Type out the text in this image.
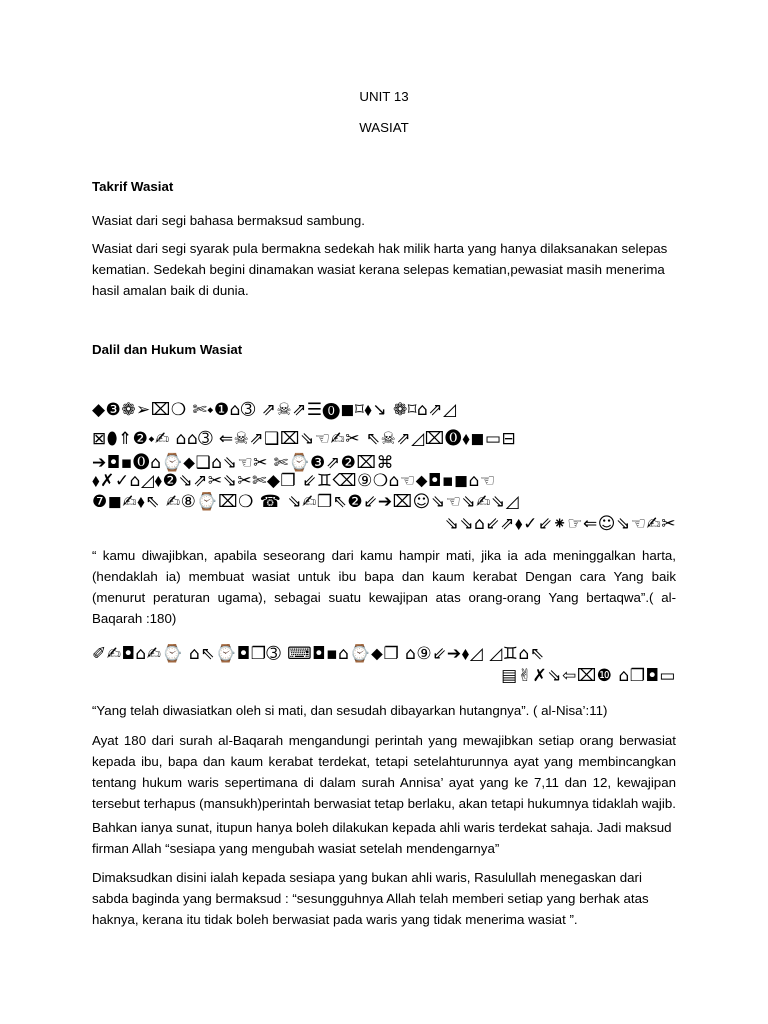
UNIT 13
WASIAT
Takrif Wasiat

Wasiat dari segi bahasa bermaksud sambung.

Wasiat dari segi syarak pula bermakna sedekah hak milik harta yang hanya dilaksanakan selepas kematian. Sedekah begini dinamakan wasiat kerana selepas kematian,pewasiat masih menerima hasil amalan baik di dunia.

Dalil dan Hukum Wasiat
◆❸❁➢⌧❍ ✄⬩❶⌂➂ ⇗☠⇗☰⓿◼⌑⬧↘ ❁⌑⌂⇗◿
⊠⬮⇑❷⬩✍ ⌂⌂➂ ⇐☠⇗❑⌧⇘☜✍✂ ⇖☠⇗◿⌧⓿⬧◼▭⊟
➔◘▪⓿⌂⌚⬥❑⌂⇘☜✂ ✄⌚❸⇗❷⌧⌘
⬧✗✓⌂◿⬧❷⇘⇗✂⇘✂✄◆❐ ⇙♊⌫⑨❍⌂☜⬥◘▪◼⌂☜
❼◼✍⬧⇖ ✍⑧⌚⌧❍ ☎ ⇘✍❐⇖❷⇙➔⌧☺⇘☜⇘✍⇘◿
⇘⇘⌂⇙⇗⬧✓⇙⁕☞⇐☺⇘☜✍✂

“ kamu diwajibkan, apabila seseorang dari kamu hampir mati, jika ia ada meninggalkan harta, (hendaklah ia) membuat wasiat untuk ibu bapa dan kaum kerabat Dengan cara Yang baik (menurut peraturan ugama), sebagai suatu kewajipan atas orang-orang Yang bertaqwa”.( al-Baqarah :180)

✐✍◘⌂✍⌚ ⌂⇖⌚◘❐➂ ⌨◘▪⌂⌚⬥❐ ⌂⑨⇙➔⬧◿ ◿♊⌂⇖
▤✌✗⇘⇦⌧❿ ⌂❐◘▭

“Yang telah diwasiatkan oleh si mati, dan sesudah dibayarkan hutangnya”. ( al-Nisa’:11)

Ayat 180 dari surah al-Baqarah mengandungi perintah yang mewajibkan setiap orang berwasiat kepada ibu, bapa dan kaum kerabat terdekat, tetapi setelahturunnya ayat yang membincangkan tentang hukum waris sepertimana di dalam surah Annisa’ ayat yang ke 7,11 dan 12, kewajipan tersebut terhapus (mansukh)perintah berwasiat tetap berlaku, akan tetapi hukumnya tidaklah wajib.

Bahkan ianya sunat, itupun hanya boleh dilakukan kepada ahli waris terdekat sahaja. Jadi maksud firman Allah “sesiapa yang mengubah wasiat setelah mendengarnya”

Dimaksudkan disini ialah kepada sesiapa yang bukan ahli waris, Rasulullah menegaskan dari sabda baginda yang bermaksud : “sesungguhnya Allah telah memberi setiap yang berhak atas haknya, kerana itu tidak boleh berwasiat pada waris yang tidak menerima wasiat ”.
